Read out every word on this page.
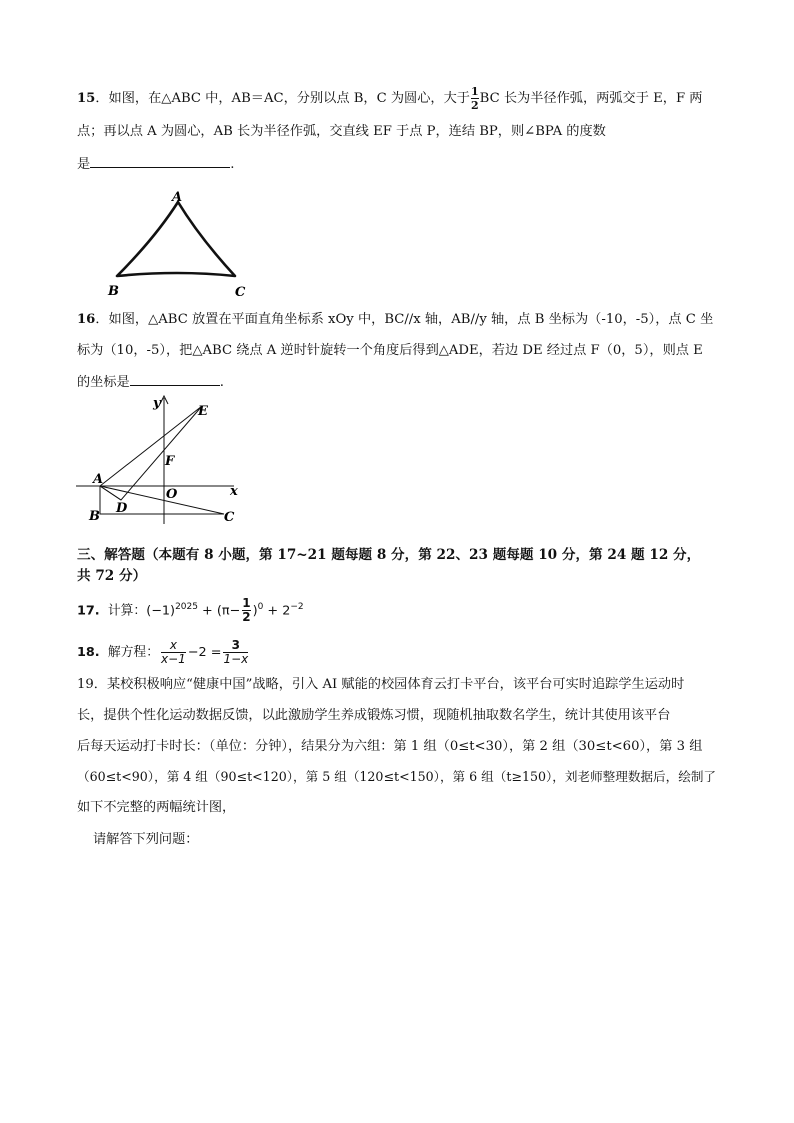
15．如图，在△ABC 中，AB＝AC，分别以点 B，C 为圆心，大于 $\frac{1}{2}$ BC 长为半径作弧，两弧交于 E，F 两
点；再以点 A 为圆心，AB 长为半径作弧，交直线 EF 于点 P，连结 BP，则∠BPA 的度数
是	.
A
B	C
16．如图，△ABC 放置在平面直角坐标系 xOy 中，BC//x 轴，AB//y 轴，点 B 坐标为（-10，-5），点 C 坐
标为（10，-5），把△ABC 绕点 A 逆时针旋转一个角度后得到△ADE，若边 DE 经过点 F（0，5），则点 E
的坐标是	.
y
x
E
F
A
O
D
B	C
三、解答题（本题有 8 小题，第 17~21 题每题 8 分，第 22、23 题每题 10 分，第 24 题 12 分，
共 72 分）
17. 计算：$(-1)^{2025} + (\pi- \frac{1}{2} )^0 + 2^{-2}$
18. 解方程： $\frac{x}{x-1} -2 = \frac{3}{1-x}$
19．某校积极响应“健康中国”战略，引入 AI 赋能的校园体育云打卡平台，该平台可实时追踪学生运动时
长，提供个性化运动数据反馈，以此激励学生养成锻炼习惯，现随机抽取数名学生，统计其使用该平台
后每天运动打卡时长：（单位：分钟），结果分为六组：第 1 组（0≤t<30），第 2 组（30≤t<60），第 3 组
（60≤t<90），第 4 组（90≤t<120），第 5 组（120≤t<150），第 6 组（t≥150），刘老师整理数据后，绘制了
如下不完整的两幅统计图，
请解答下列问题：
